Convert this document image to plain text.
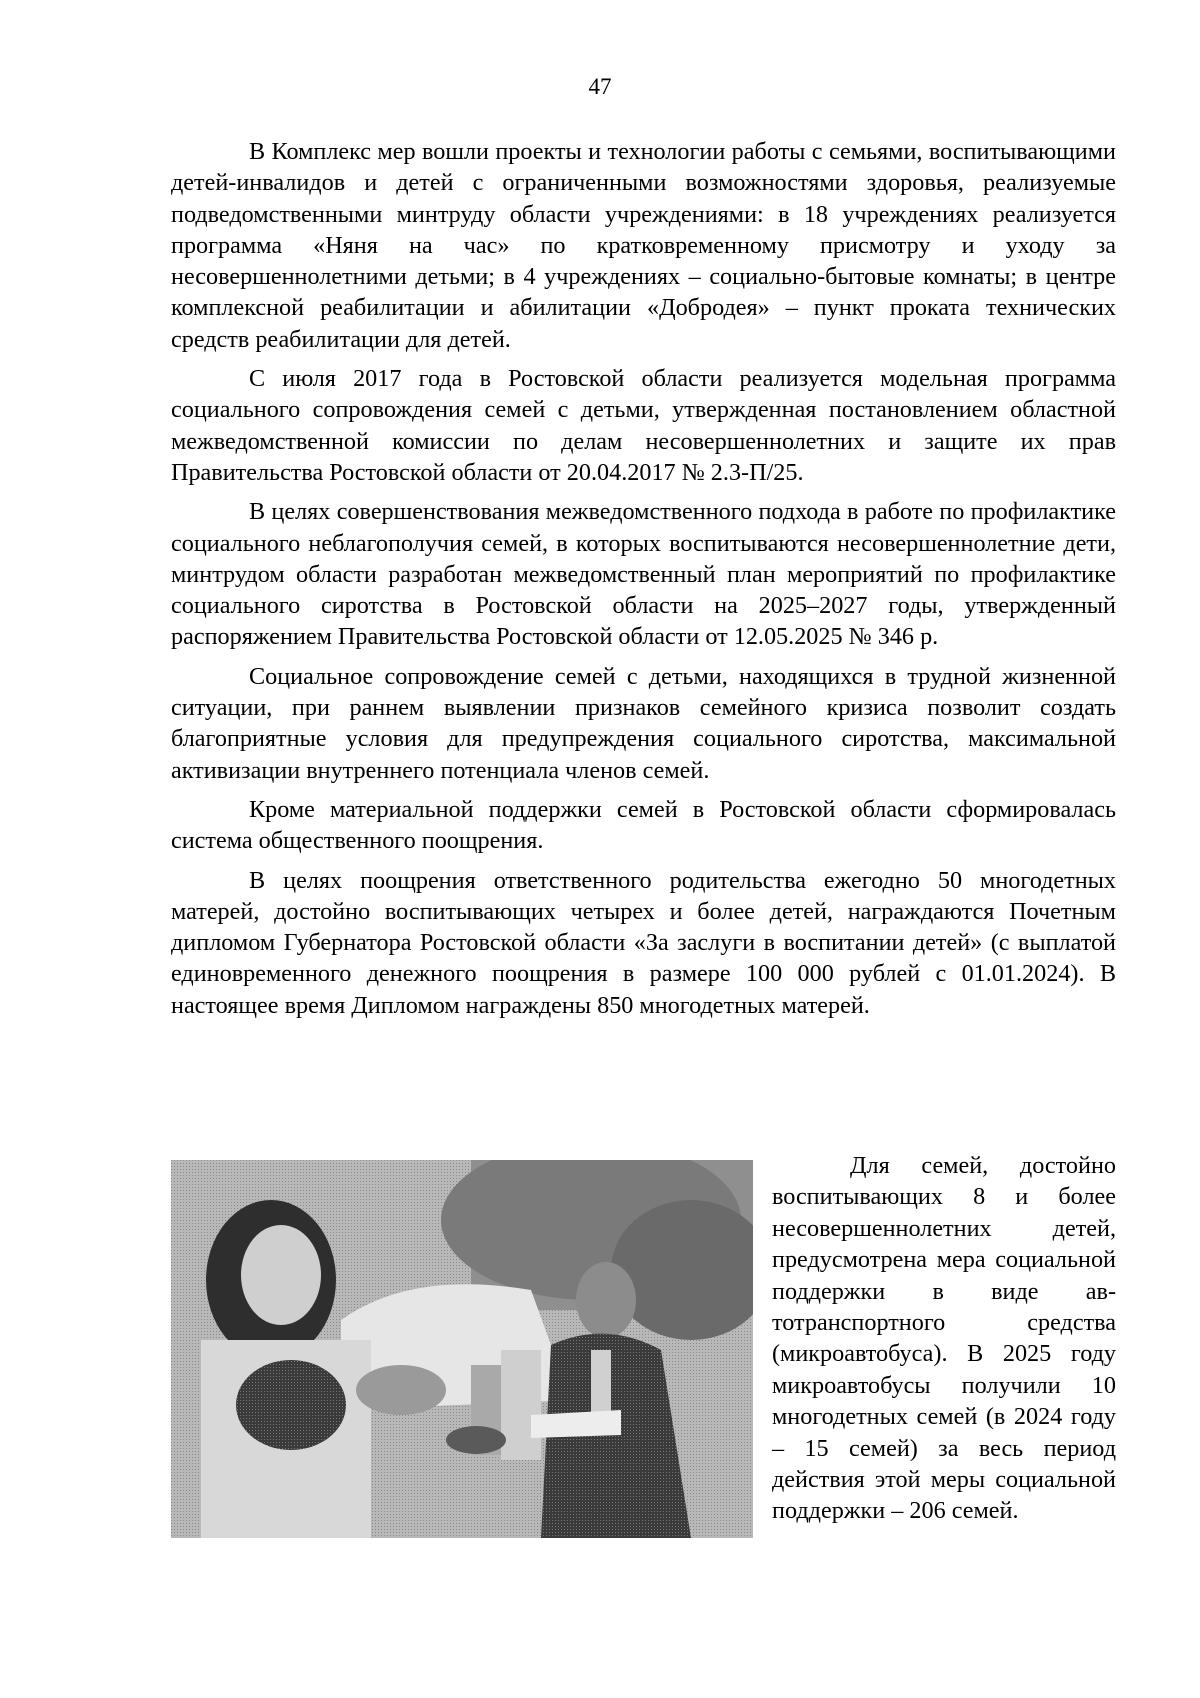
47

В Комплекс мер вошли проекты и технологии работы с семьями, воспитывающими детей-инвалидов и детей с ограниченными возможностями здоровья, реализуемые подведомственными минтруду области учреждениями: в 18 учреждениях реализуется программа «Няня на час» по кратковременному присмотру и уходу за несовершеннолетними детьми; в 4 учреждениях – социально-бытовые комнаты; в центре комплексной реабилитации и абилитации «Добродея» – пункт проката технических средств реабилитации для детей.

С июля 2017 года в Ростовской области реализуется модельная программа социального сопровождения семей с детьми, утвержденная постановлением областной межведомственной комиссии по делам несовершеннолетних и защите их прав Правительства Ростовской области от 20.04.2017 № 2.3-П/25.

В целях совершенствования межведомственного подхода в работе по профилактике социального неблагополучия семей, в которых воспитываются несовершеннолетние дети, минтрудом области разработан межведомственный план мероприятий по профилактике социального сиротства в Ростовской области на 2025–2027 годы, утвержденный распоряжением Правительства Ростовской области от 12.05.2025 № 346 р.

Социальное сопровождение семей с детьми, находящихся в трудной жизненной ситуации, при раннем выявлении признаков семейного кризиса позволит создать благоприятные условия для предупреждения социального сиротства, максимальной активизации внутреннего потенциала членов семей.

Кроме материальной поддержки семей в Ростовской области сформировалась система общественного поощрения.

В целях поощрения ответственного родительства ежегодно 50 многодетных матерей, достойно воспитывающих четырех и более детей, награждаются Почетным дипломом Губернатора Ростовской области «За заслуги в воспитании детей» (с выплатой единовременного денежного поощрения в размере 100 000 рублей с 01.01.2024). В настоящее время Дипломом награждены 850 многодетных матерей.

Для семей, достойно воспитывающих 8 и более несовершеннолетних детей, предусмотрена мера социальной поддержки в виде автотранспортного средства (микроавтобуса). В 2025 году микроавтобусы получили 10 многодетных семей (в 2024 году – 15 семей) за весь период действия этой меры социальной поддержки – 206 семей.
